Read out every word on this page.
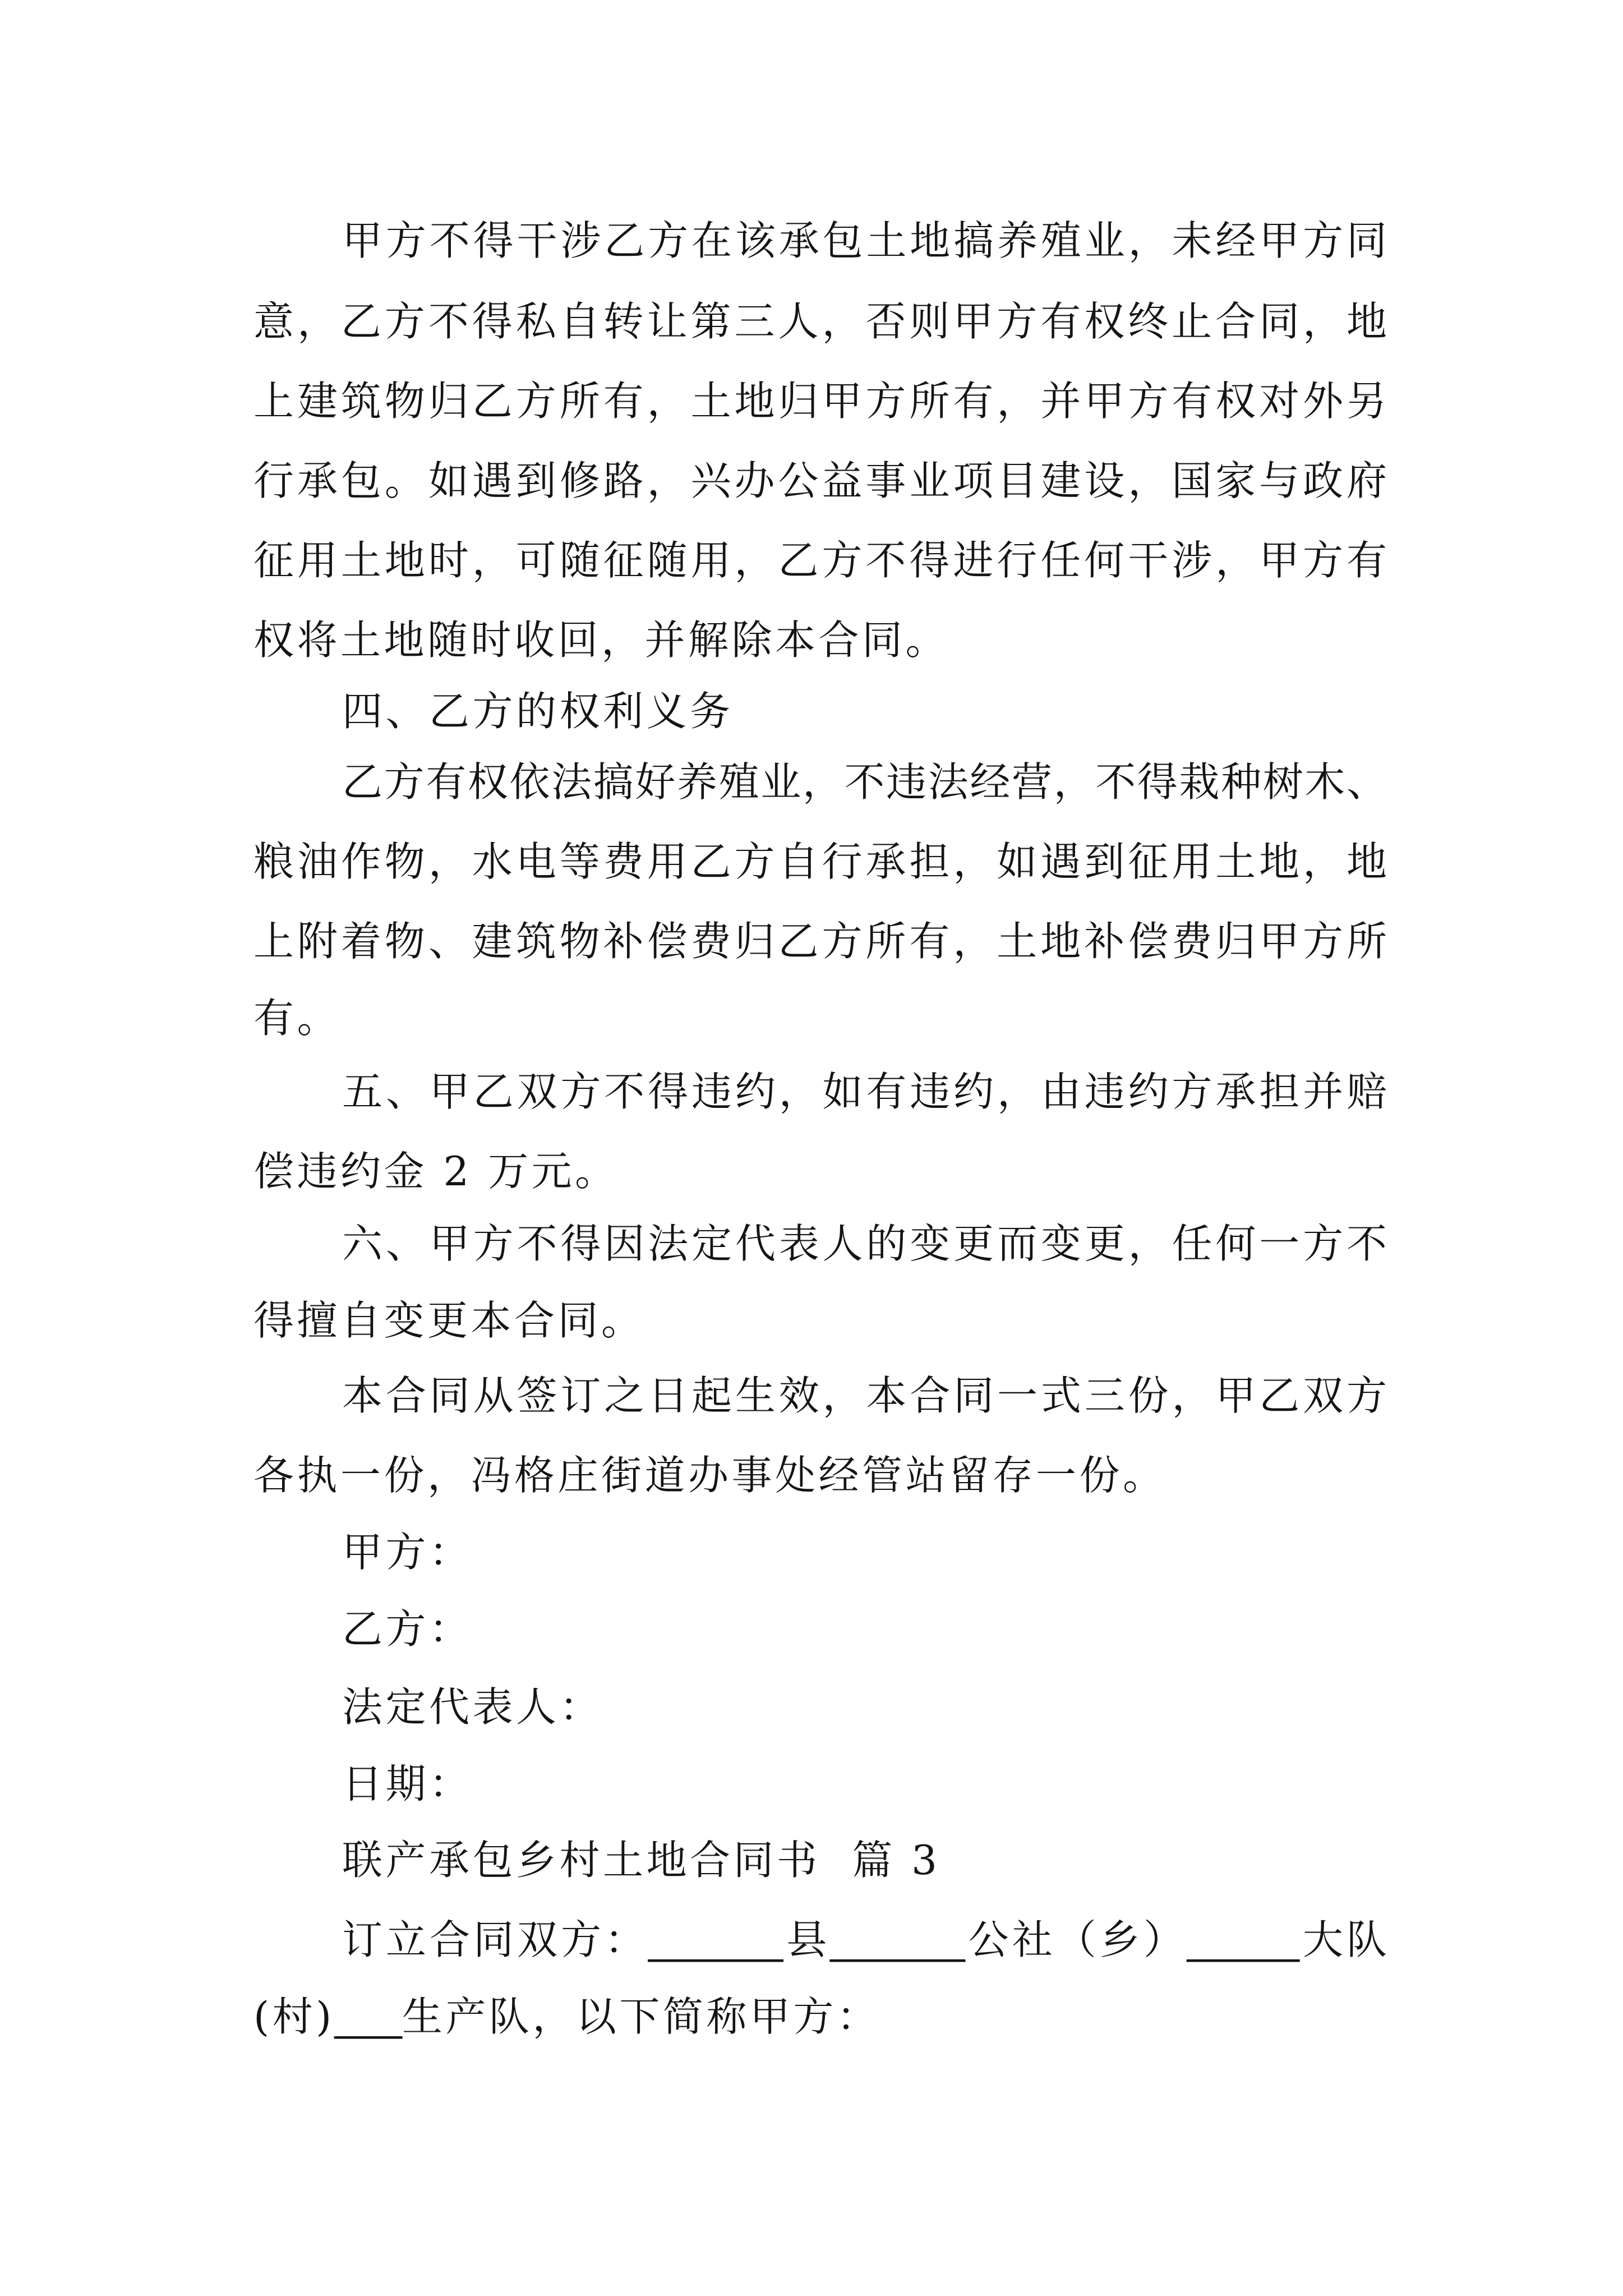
甲方不得干涉乙方在该承包土地搞养殖业，未经甲方同
意，乙方不得私自转让第三人，否则甲方有权终止合同，地
上建筑物归乙方所有，土地归甲方所有，并甲方有权对外另
行承包。如遇到修路，兴办公益事业项目建设，国家与政府
征用土地时，可随征随用，乙方不得进行任何干涉，甲方有
权将土地随时收回，并解除本合同。
四、乙方的权利义务
乙方有权依法搞好养殖业，不违法经营，不得栽种树木、
粮油作物，水电等费用乙方自行承担，如遇到征用土地，地
上附着物、建筑物补偿费归乙方所有，土地补偿费归甲方所
有。
五、甲乙双方不得违约，如有违约，由违约方承担并赔
偿违约金 2 万元。
六、甲方不得因法定代表人的变更而变更，任何一方不
得擅自变更本合同。
本合同从签订之日起生效，本合同一式三份，甲乙双方
各执一份，冯格庄街道办事处经管站留存一份。
甲方：
乙方：
法定代表人：
日期：
联产承包乡村土地合同书  篇 3
订立合同双方：______县______公社（乡）_____大队
(村)___生产队，以下简称甲方：
